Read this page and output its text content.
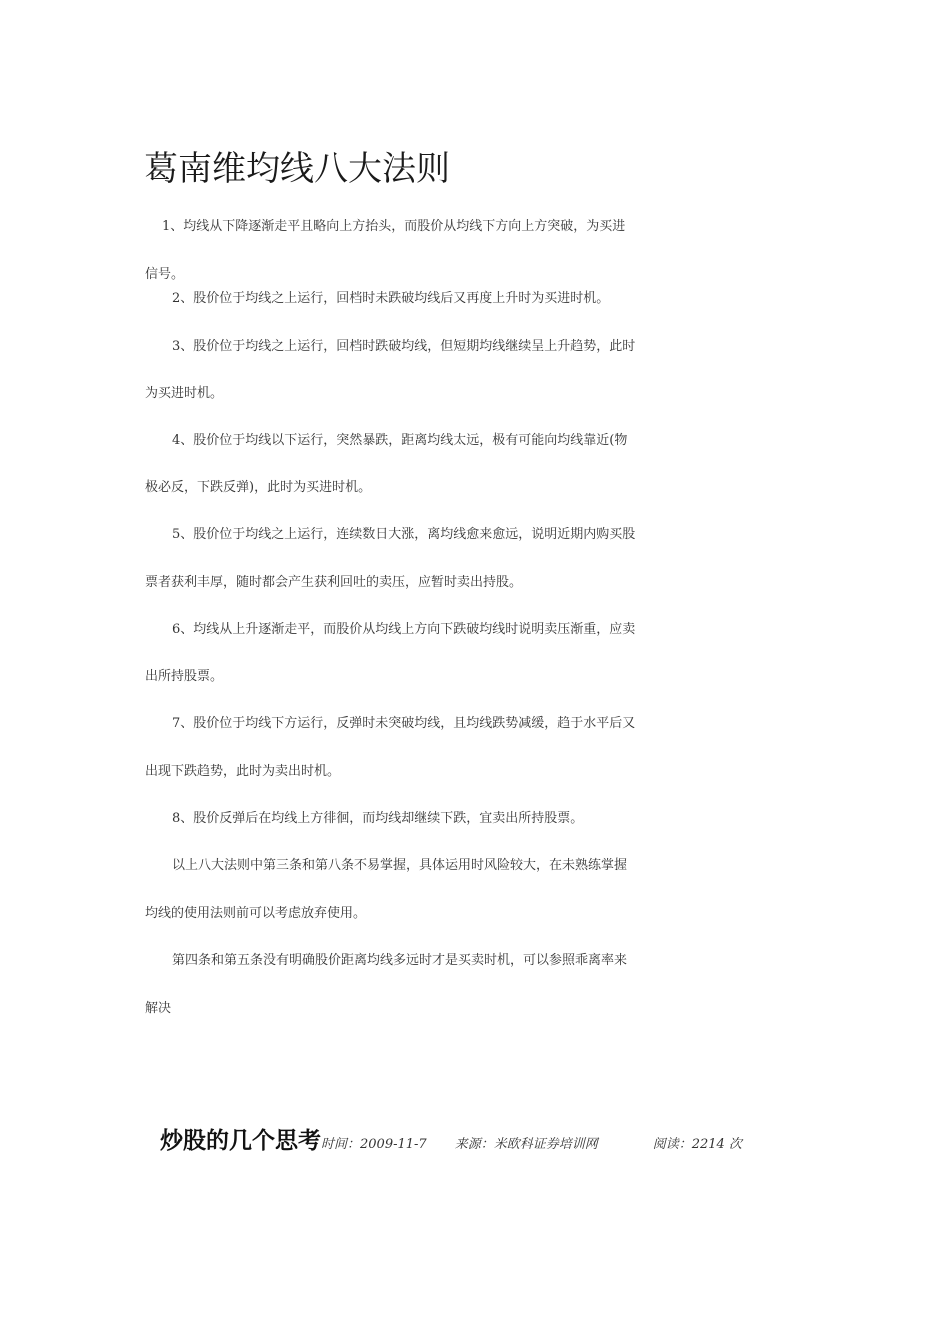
葛南维均线八大法则

1、均线从下降逐渐走平且略向上方抬头，而股价从均线下方向上方突破，为买进

信号。

2、股价位于均线之上运行，回档时未跌破均线后又再度上升时为买进时机。

3、股价位于均线之上运行，回档时跌破均线，但短期均线继续呈上升趋势，此时

为买进时机。

4、股价位于均线以下运行，突然暴跌，距离均线太远，极有可能向均线靠近(物

极必反，下跌反弹)，此时为买进时机。

5、股价位于均线之上运行，连续数日大涨，离均线愈来愈远，说明近期内购买股

票者获利丰厚，随时都会产生获利回吐的卖压，应暂时卖出持股。

6、均线从上升逐渐走平，而股价从均线上方向下跌破均线时说明卖压渐重，应卖

出所持股票。

7、股价位于均线下方运行，反弹时未突破均线，且均线跌势减缓，趋于水平后又

出现下跌趋势，此时为卖出时机。

8、股价反弹后在均线上方徘徊，而均线却继续下跌，宜卖出所持股票。

以上八大法则中第三条和第八条不易掌握，具体运用时风险较大，在未熟练掌握

均线的使用法则前可以考虑放弃使用。

第四条和第五条没有明确股价距离均线多远时才是买卖时机，可以参照乖离率来

解决

炒股的几个思考时间：2009-11-7 来源：米欧科证券培训网	阅读：2214 次
